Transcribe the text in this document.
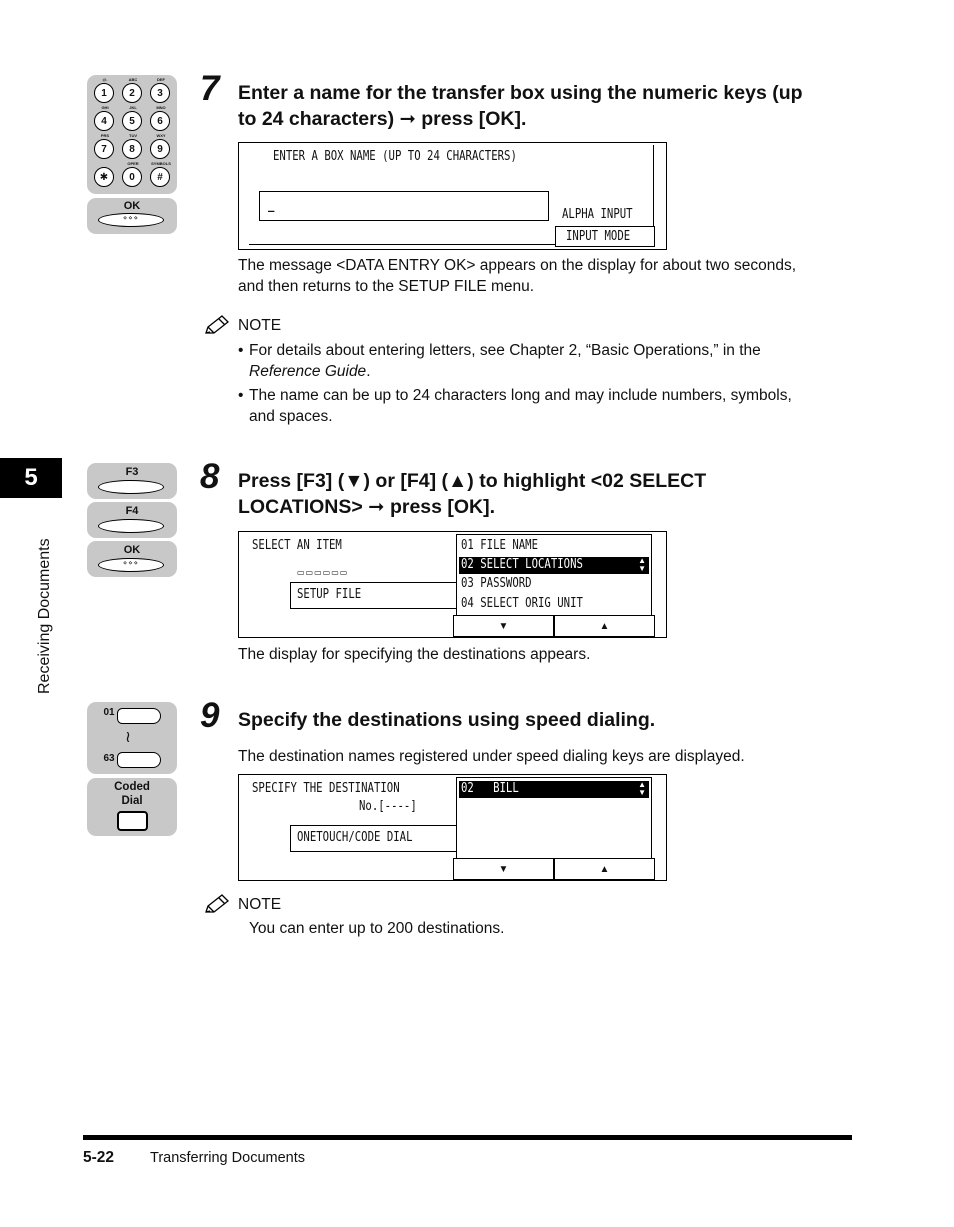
5
Receiving Documents
@.
1
ABC
2
DEF
3
GHI
4
JKL
5
MNO
6
PRS
7
TUV
8
WXY
9
✱
OPER
0
SYMBOLS
#
OK
⋄⋄⋄
7 Enter a name for the transfer box using the numeric keys (up
to 24 characters) ➞ press [OK].
ENTER A BOX NAME (UP TO 24 CHARACTERS)
_
ALPHA INPUT
INPUT MODE
The message <DATA ENTRY OK> appears on the display for about two seconds,
and then returns to the SETUP FILE menu.
NOTE
• For details about entering letters, see Chapter 2, “Basic Operations,” in the
Reference Guide.
• The name can be up to 24 characters long and may include numbers, symbols,
and spaces.
F3
F4
OK
⋄⋄⋄
8 Press [F3] (▼) or [F4] (▲) to highlight <02 SELECT
LOCATIONS> ➞ press [OK].
SELECT AN ITEM
▭▭▭▭▭▭
SETUP FILE
01 FILE NAME
02 SELECT LOCATIONS	▲
▼
03 PASSWORD
04 SELECT ORIG UNIT
▼	▲
The display for specifying the destinations appears.
01
≀
63
Coded
Dial
9 Specify the destinations using speed dialing.
The destination names registered under speed dialing keys are displayed.
SPECIFY THE DESTINATION
No.[----]
ONETOUCH/CODE DIAL
02   BILL	▲
▼
▼	▲
NOTE
You can enter up to 200 destinations.
5-22 Transferring Documents
